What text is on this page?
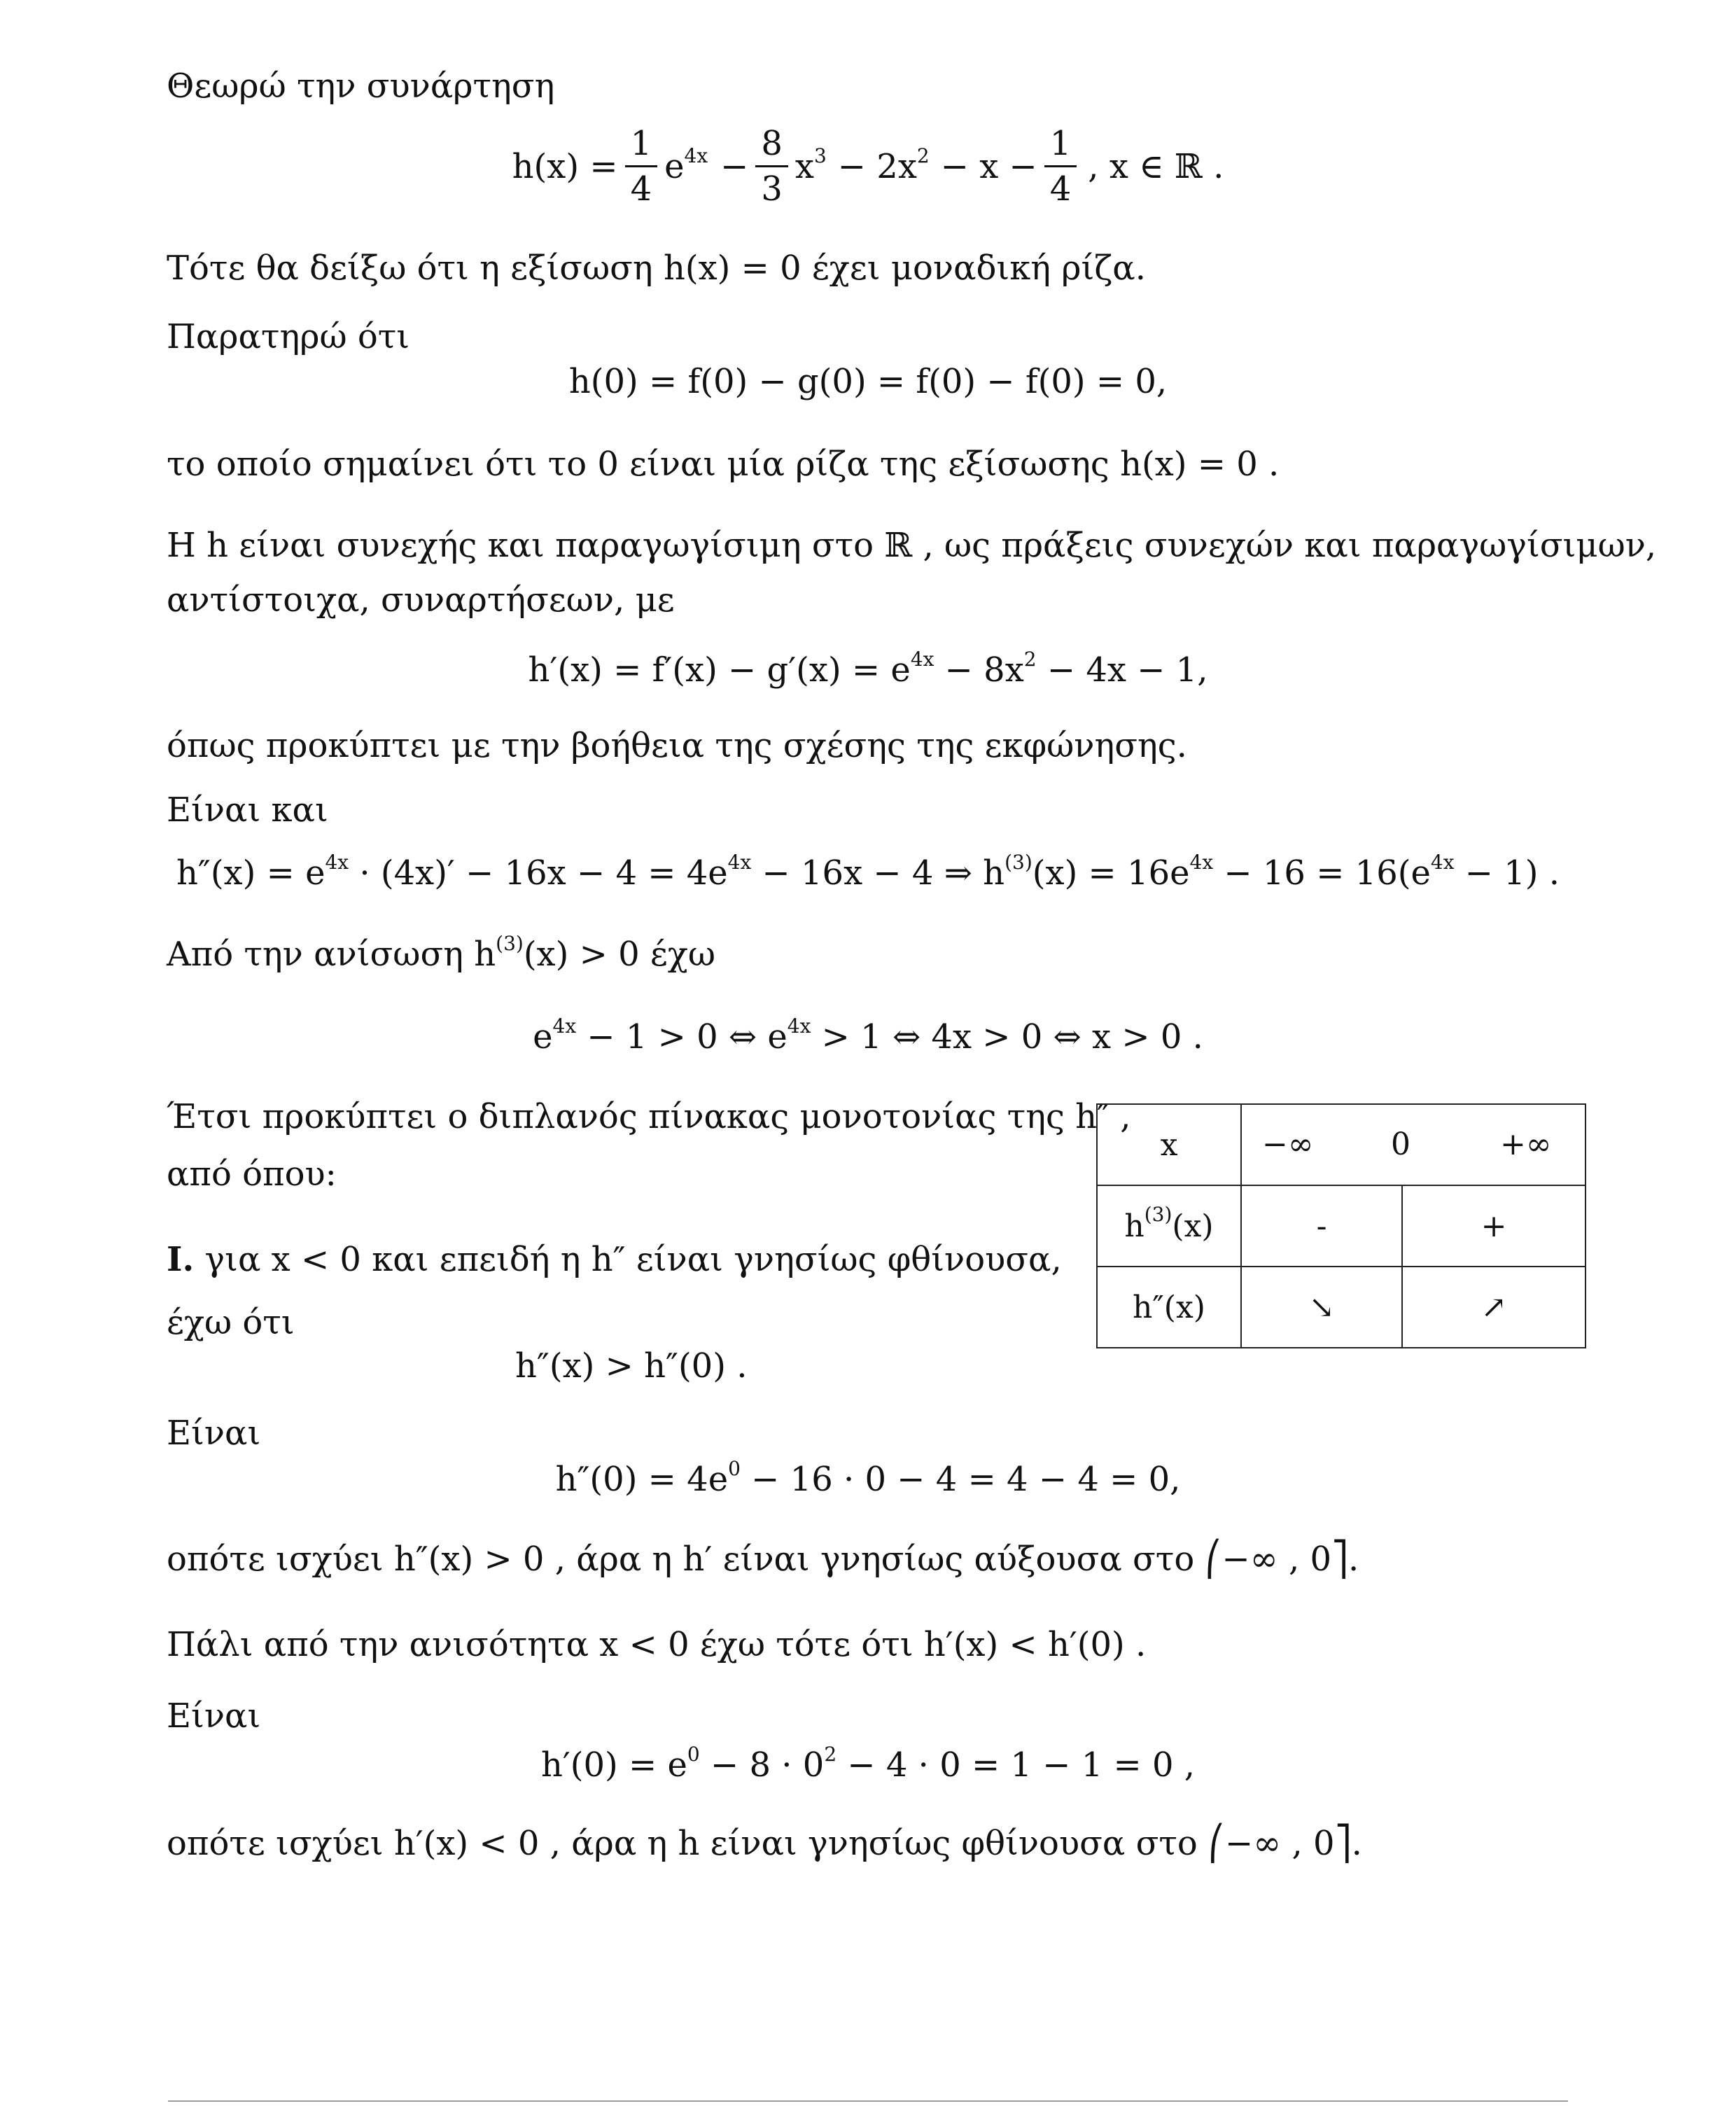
Θεωρώ την συνάρτηση
$h(x) = \frac{1}{4} e^{4x} - \frac{8}{3} x^3 - 2x^2 - x - \frac{1}{4}$ , x ∈ ℝ .
Τότε θα δείξω ότι η εξίσωση h(x) = 0 έχει μοναδική ρίζα.
Παρατηρώ ότι
h(0) = f(0) − g(0) = f(0) − f(0) = 0,
το οποίο σημαίνει ότι το 0 είναι μία ρίζα της εξίσωσης h(x) = 0 .
Η h είναι συνεχής και παραγωγίσιμη στο ℝ , ως πράξεις συνεχών και παραγωγίσιμων,
αντίστοιχα, συναρτήσεων, με
$h'(x) = f'(x) - g'(x) = e^{4x} - 8x^2 - 4x - 1$,
όπως προκύπτει με την βοήθεια της σχέσης της εκφώνησης.
Είναι και
$h''(x) = e^{4x} \cdot (4x)' - 16x - 4 = 4e^{4x} - 16x - 4$ ⇒ $h^{(3)}(x) = 16e^{4x} - 16 = 16(e^{4x} - 1)$ .
Από την ανίσωση $h^{(3)}(x) > 0$ έχω
$e^{4x} - 1 > 0$ ⇔ $e^{4x} > 1$ ⇔ 4x > 0 ⇔ x > 0 .
Έτσι προκύπτει ο διπλανός πίνακας μονοτονίας της h″ ,
από όπου:
Ι. για x < 0 και επειδή η h″ είναι γνησίως φθίνουσα,
έχω ότι
h″(x) > h″(0) .
Είναι
$h''(0) = 4e^0 - 16 \cdot 0 - 4 = 4 - 4 = 0$,
οπότε ισχύει h″(x) > 0 , άρα η h′ είναι γνησίως αύξουσα στο ⎛−∞ , 0⎤.
Πάλι από την ανισότητα x < 0 έχω τότε ότι h′(x) < h′(0) .
Είναι
$h'(0) = e^0 - 8 \cdot 0^2 - 4 \cdot 0 = 1 - 1 = 0$ ,
οπότε ισχύει h′(x) < 0 , άρα η h είναι γνησίως φθίνουσα στο ⎛−∞ , 0⎤.
x	−∞ 0 +∞	

$h^{(3)}(x)$	-	+
h″(x)	↘	↗
